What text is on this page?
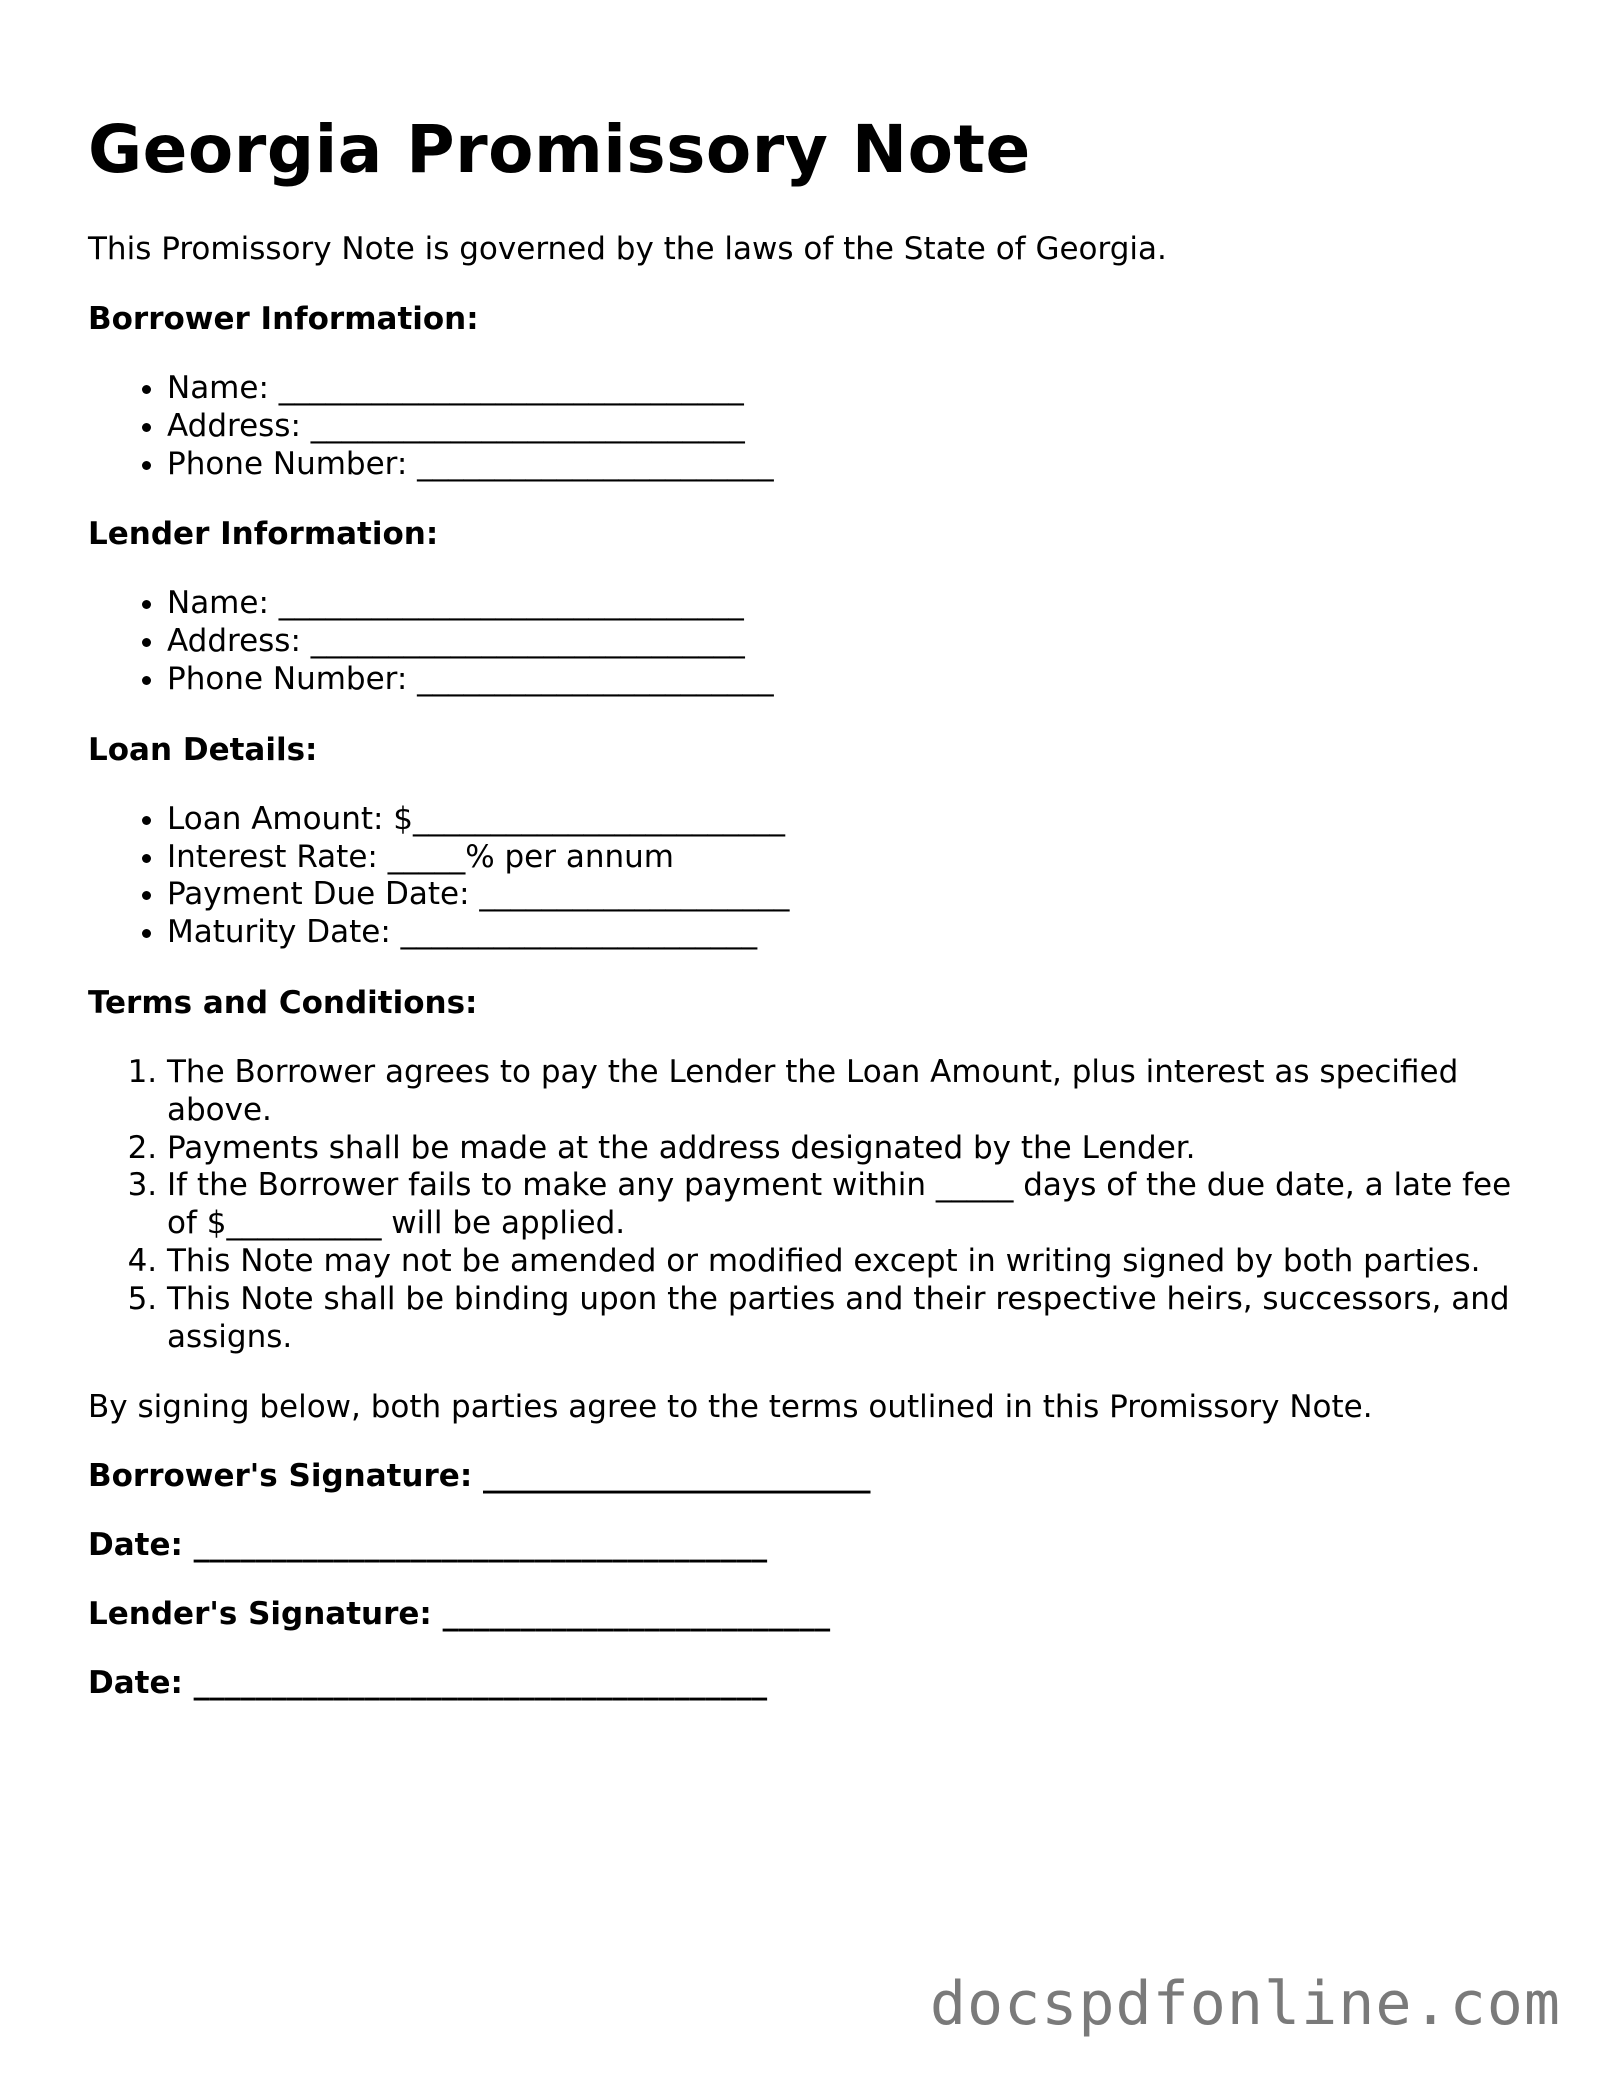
Georgia Promissory Note

This Promissory Note is governed by the laws of the State of Georgia.

Borrower Information:

• Name: ______________________________
• Address: ____________________________
• Phone Number: _______________________

Lender Information:

• Name: ______________________________
• Address: ____________________________
• Phone Number: _______________________

Loan Details:

• Loan Amount: $________________________
• Interest Rate: _____% per annum
• Payment Due Date: ____________________
• Maturity Date: _______________________

Terms and Conditions:

1. The Borrower agrees to pay the Lender the Loan Amount, plus interest as specified above.
2. Payments shall be made at the address designated by the Lender.
3. If the Borrower fails to make any payment within _____ days of the due date, a late fee of $__________ will be applied.
4. This Note may not be amended or modified except in writing signed by both parties.
5. This Note shall be binding upon the parties and their respective heirs, successors, and assigns.

By signing below, both parties agree to the terms outlined in this Promissory Note.

Borrower's Signature: _________________________

Date: _____________________________________

Lender's Signature: _________________________

Date: _____________________________________

docspdfonline.com
